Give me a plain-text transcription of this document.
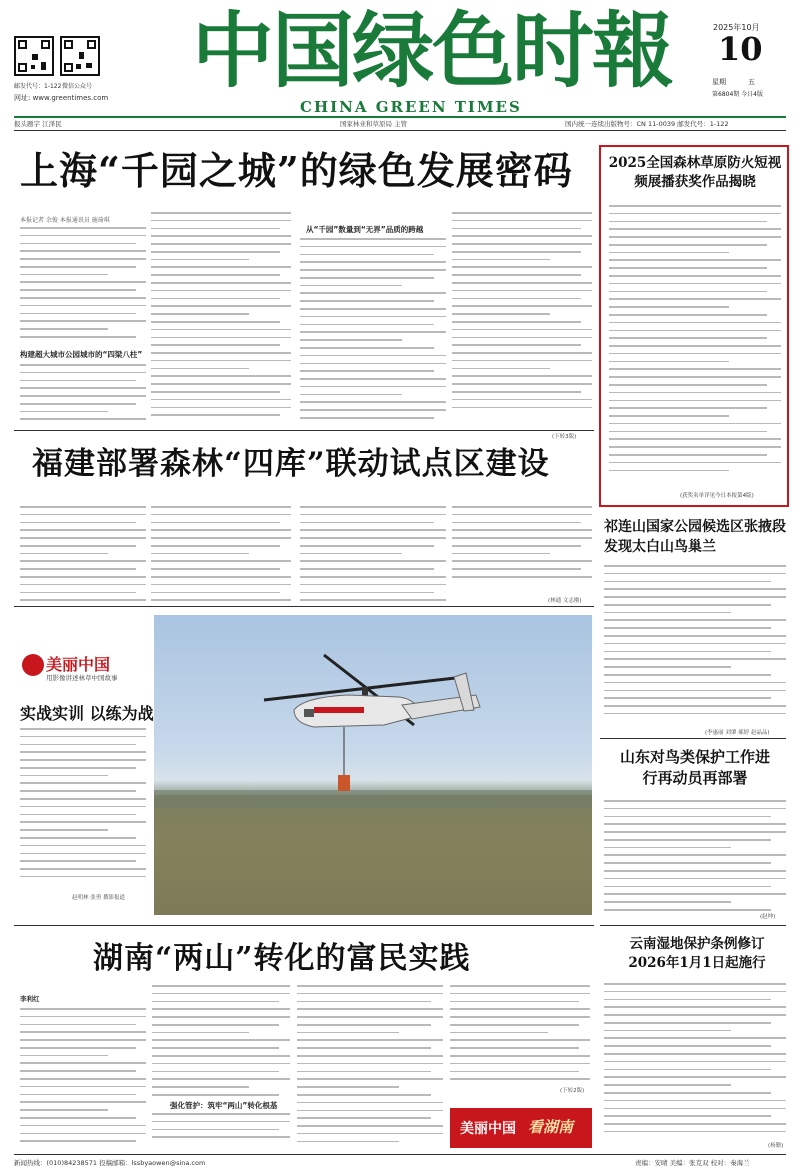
邮发代号：1-122 微信公众号
网址: www.greentimes.com 中国绿色时報
CHINA GREEN TIMES
2025年10月
10
星期	五
第6804期 今日4版
报头题字 江泽民	国家林业和草原局 主管	国内统一连续出版物号：CN 11-0039 邮发代号：1-122
上海“千园之城”的绿色发展密码
本报记者 余俊 本报通讯员 施琦琪
构建超大城市公园城市的“四梁八柱”
从“千园”数量到“无界”品质的跨越
(下转3版)
2025全国森林草原防火短视频展播获奖作品揭晓
(获奖名单详见今日本报第4版)
福建部署森林“四库”联动试点区建设
(林通 文志刚)
美丽中国
用影像讲述林草中国故事
实战实训 以练为战
赵明林 张勇 撰影报道
祁连山国家公园候选区张掖段发现太白山鸟巢兰
(李惠丽 刘肇 郝婷 赵晶品)
山东对鸟类保护工作进行再动员再部署
(赵坤)
湖南“两山”转化的富民实践
李利红
强化管护：筑牢“两山”转化根基
(下转2版)
美丽中国 看湖南
云南湿地保护条例修订2026年1月1日起施行
(杨勤)
新闻热线：(010)84238571 投稿邮箱：lssbyaowen@sina.com	责编：安晴 美编：张克双 校对：秦海兰
